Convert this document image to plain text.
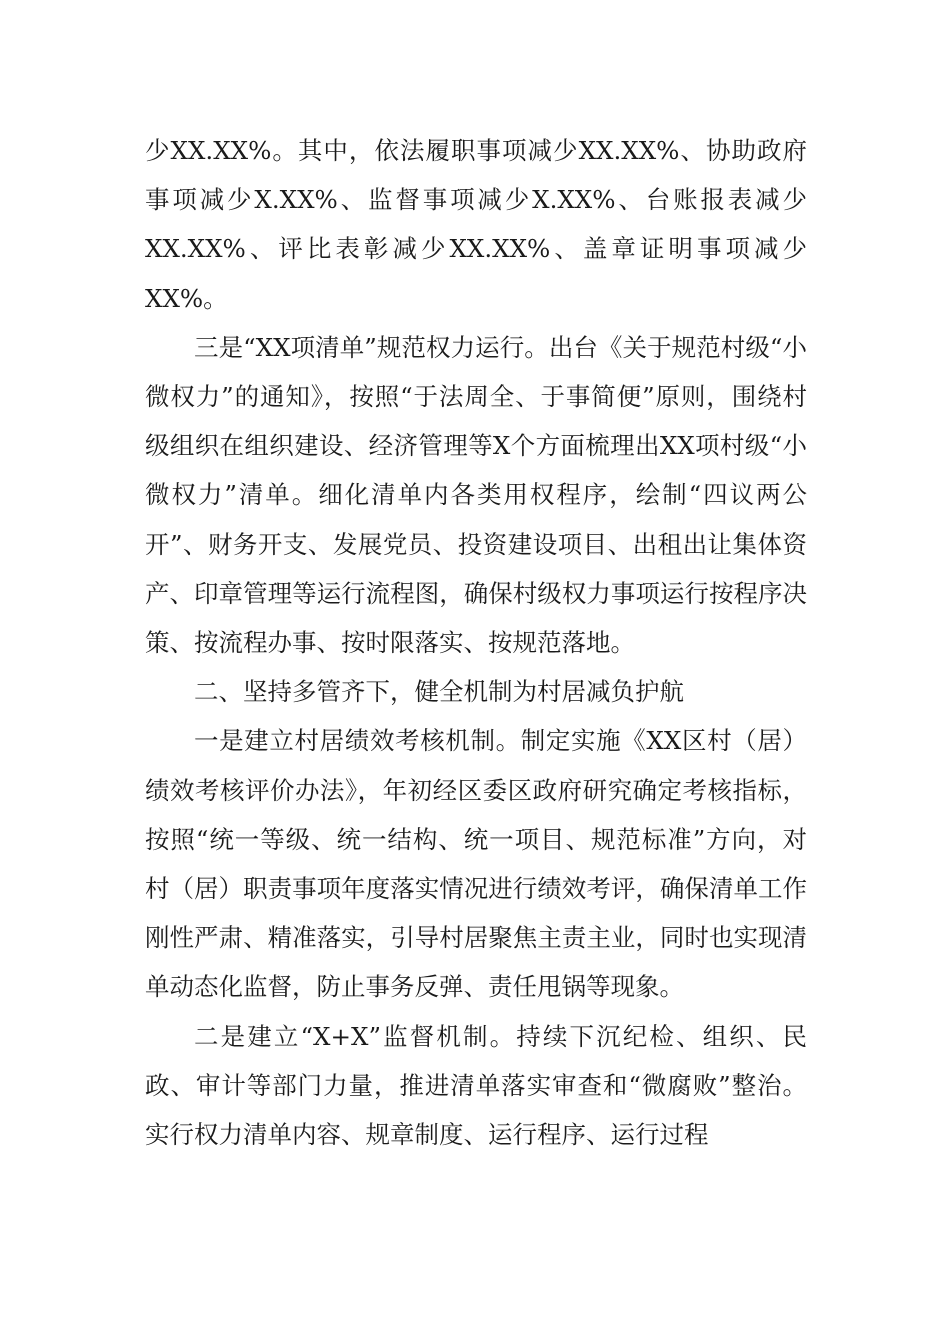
少XX.XX%。其中，依法履职事项减少XX.XX%、协助政府事项减少X.XX%、监督事项减少X.XX%、台账报表减少XX.XX%、评比表彰减少XX.XX%、盖章证明事项减少XX%。

三是“XX项清单”规范权力运行。出台《关于规范村级“小微权力”的通知》，按照“于法周全、于事简便”原则，围绕村级组织在组织建设、经济管理等X个方面梳理出XX项村级“小微权力”清单。细化清单内各类用权程序，绘制“四议两公开”、财务开支、发展党员、投资建设项目、出租出让集体资产、印章管理等运行流程图，确保村级权力事项运行按程序决策、按流程办事、按时限落实、按规范落地。

二、坚持多管齐下，健全机制为村居减负护航

一是建立村居绩效考核机制。制定实施《XX区村（居）绩效考核评价办法》，年初经区委区政府研究确定考核指标，按照“统一等级、统一结构、统一项目、规范标准”方向，对村（居）职责事项年度落实情况进行绩效考评，确保清单工作刚性严肃、精准落实，引导村居聚焦主责主业，同时也实现清单动态化监督，防止事务反弹、责任甩锅等现象。

二是建立“X+X”监督机制。持续下沉纪检、组织、民政、审计等部门力量，推进清单落实审查和“微腐败”整治。实行权力清单内容、规章制度、运行程序、运行过程
